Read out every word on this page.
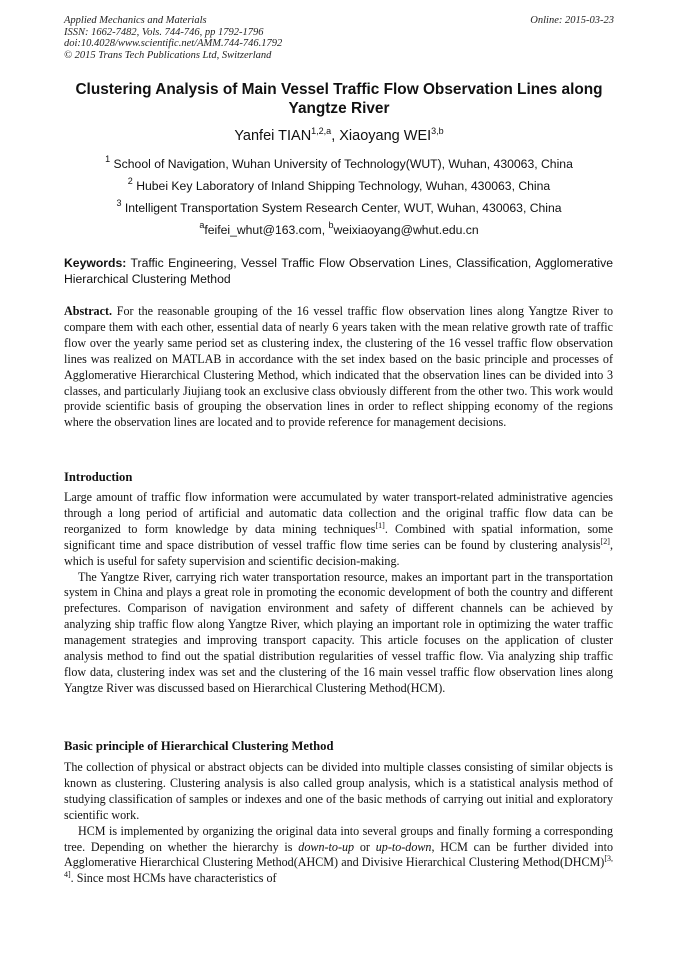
Applied Mechanics and Materials
ISSN: 1662-7482, Vols. 744-746, pp 1792-1796
doi:10.4028/www.scientific.net/AMM.744-746.1792
© 2015 Trans Tech Publications Ltd, Switzerland
Online: 2015-03-23
Clustering Analysis of Main Vessel Traffic Flow Observation Lines along Yangtze River
Yanfei TIAN$^{1,2,a}$, Xiaoyang WEI$^{3,b}$
$^1$ School of Navigation, Wuhan University of Technology(WUT), Wuhan, 430063, China
$^2$ Hubei Key Laboratory of Inland Shipping Technology, Wuhan, 430063, China
$^3$ Intelligent Transportation System Research Center, WUT, Wuhan, 430063, China
$^a$feifei_whut@163.com, $^b$weixiaoyang@whut.edu.cn
Keywords: Traffic Engineering, Vessel Traffic Flow Observation Lines, Classification, Agglomerative Hierarchical Clustering Method

Abstract. For the reasonable grouping of the 16 vessel traffic flow observation lines along Yangtze River to compare them with each other, essential data of nearly 6 years taken with the mean relative growth rate of traffic flow over the yearly same period set as clustering index, the clustering of the 16 vessel traffic flow observation lines was realized on MATLAB in accordance with the set index based on the basic principle and processes of Agglomerative Hierarchical Clustering Method, which indicated that the observation lines can be divided into 3 classes, and particularly Jiujiang took an exclusive class obviously different from the other two. This work would provide scientific basis of grouping the observation lines in order to reflect shipping economy of the regions where the observation lines are located and to provide reference for management decisions.

Introduction

Large amount of traffic flow information were accumulated by water transport-related administrative agencies through a long period of artificial and automatic data collection and the original traffic flow data can be reorganized to form knowledge by data mining techniques[1]. Combined with spatial information, some significant time and space distribution of vessel traffic flow time series can be found by clustering analysis[2], which is useful for safety supervision and scientific decision-making.

The Yangtze River, carrying rich water transportation resource, makes an important part in the transportation system in China and plays a great role in promoting the economic development of both the country and different prefectures. Comparison of navigation environment and safety of different channels can be achieved by analyzing ship traffic flow along Yangtze River, which playing an important role in optimizing the water traffic management strategies and improving transport capacity. This article focuses on the application of cluster analysis method to find out the spatial distribution regularities of vessel traffic flow. Via analyzing ship traffic flow data, clustering index was set and the clustering of the 16 main vessel traffic flow observation lines along Yangtze River was discussed based on Hierarchical Clustering Method(HCM).

Basic principle of Hierarchical Clustering Method

The collection of physical or abstract objects can be divided into multiple classes consisting of similar objects is known as clustering. Clustering analysis is also called group analysis, which is a statistical analysis method of studying classification of samples or indexes and one of the basic methods of carrying out initial and exploratory scientific work.

HCM is implemented by organizing the original data into several groups and finally forming a corresponding tree. Depending on whether the hierarchy is down-to-up or up-to-down, HCM can be further divided into Agglomerative Hierarchical Clustering Method(AHCM) and Divisive Hierarchical Clustering Method(DHCM)[3, 4]. Since most HCMs have characteristics of
